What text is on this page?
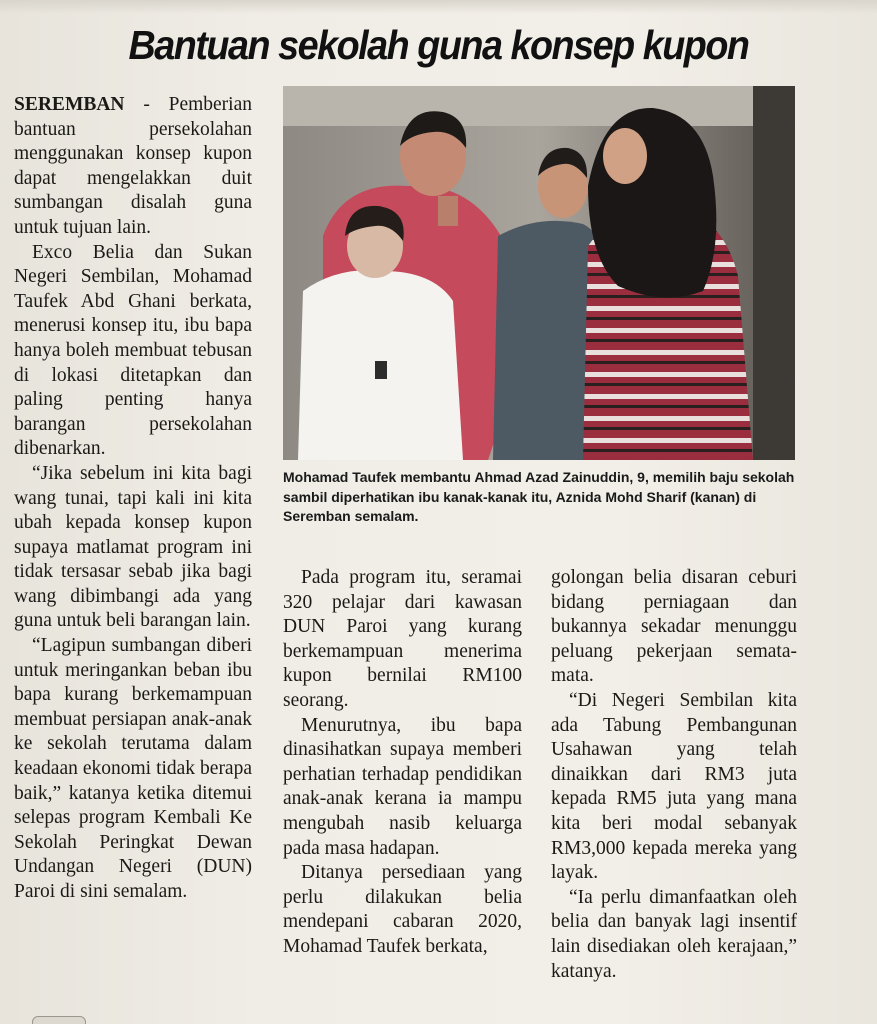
Bantuan sekolah guna konsep kupon

SEREMBAN - Pemberian bantuan persekolahan menggunakan konsep kupon dapat mengelakkan duit sumbangan disalah guna untuk tujuan lain.

Exco Belia dan Sukan Negeri Sembilan, Mohamad Taufek Abd Ghani berkata, menerusi konsep itu, ibu bapa hanya boleh membuat tebusan di lokasi ditetapkan dan paling penting hanya barangan persekolahan dibenarkan.

“Jika sebelum ini kita bagi wang tunai, tapi kali ini kita ubah kepada konsep kupon supaya matlamat program ini tidak tersasar sebab jika bagi wang dibimbangi ada yang guna untuk beli barangan lain.

“Lagipun sumbangan diberi untuk meringankan beban ibu bapa kurang berkemampuan membuat persiapan anak-anak ke sekolah terutama dalam keadaan ekonomi tidak berapa baik,” katanya ketika ditemui selepas program Kembali Ke Sekolah Peringkat Dewan Undangan Negeri (DUN) Paroi di sini semalam.

Mohamad Taufek membantu Ahmad Azad Zainuddin, 9, memilih baju sekolah sambil diperhatikan ibu kanak-kanak itu, Aznida Mohd Sharif (kanan) di Seremban semalam.

Pada program itu, seramai 320 pelajar dari kawasan DUN Paroi yang kurang berkemampuan menerima kupon bernilai RM100 seorang.

Menurutnya, ibu bapa dinasihatkan supaya memberi perhatian terhadap pendidikan anak-anak kerana ia mampu mengubah nasib keluarga pada masa hadapan.

Ditanya persediaan yang perlu dilakukan belia mendepani cabaran 2020, Mohamad Taufek berkata,

golongan belia disaran ceburi bidang perniagaan dan bukannya sekadar menunggu peluang pekerjaan semata-mata.

“Di Negeri Sembilan kita ada Tabung Pembangunan Usahawan yang telah dinaikkan dari RM3 juta kepada RM5 juta yang mana kita beri modal sebanyak RM3,000 kepada mereka yang layak.

“Ia perlu dimanfaatkan oleh belia dan banyak lagi insentif lain disediakan oleh kerajaan,” katanya.
